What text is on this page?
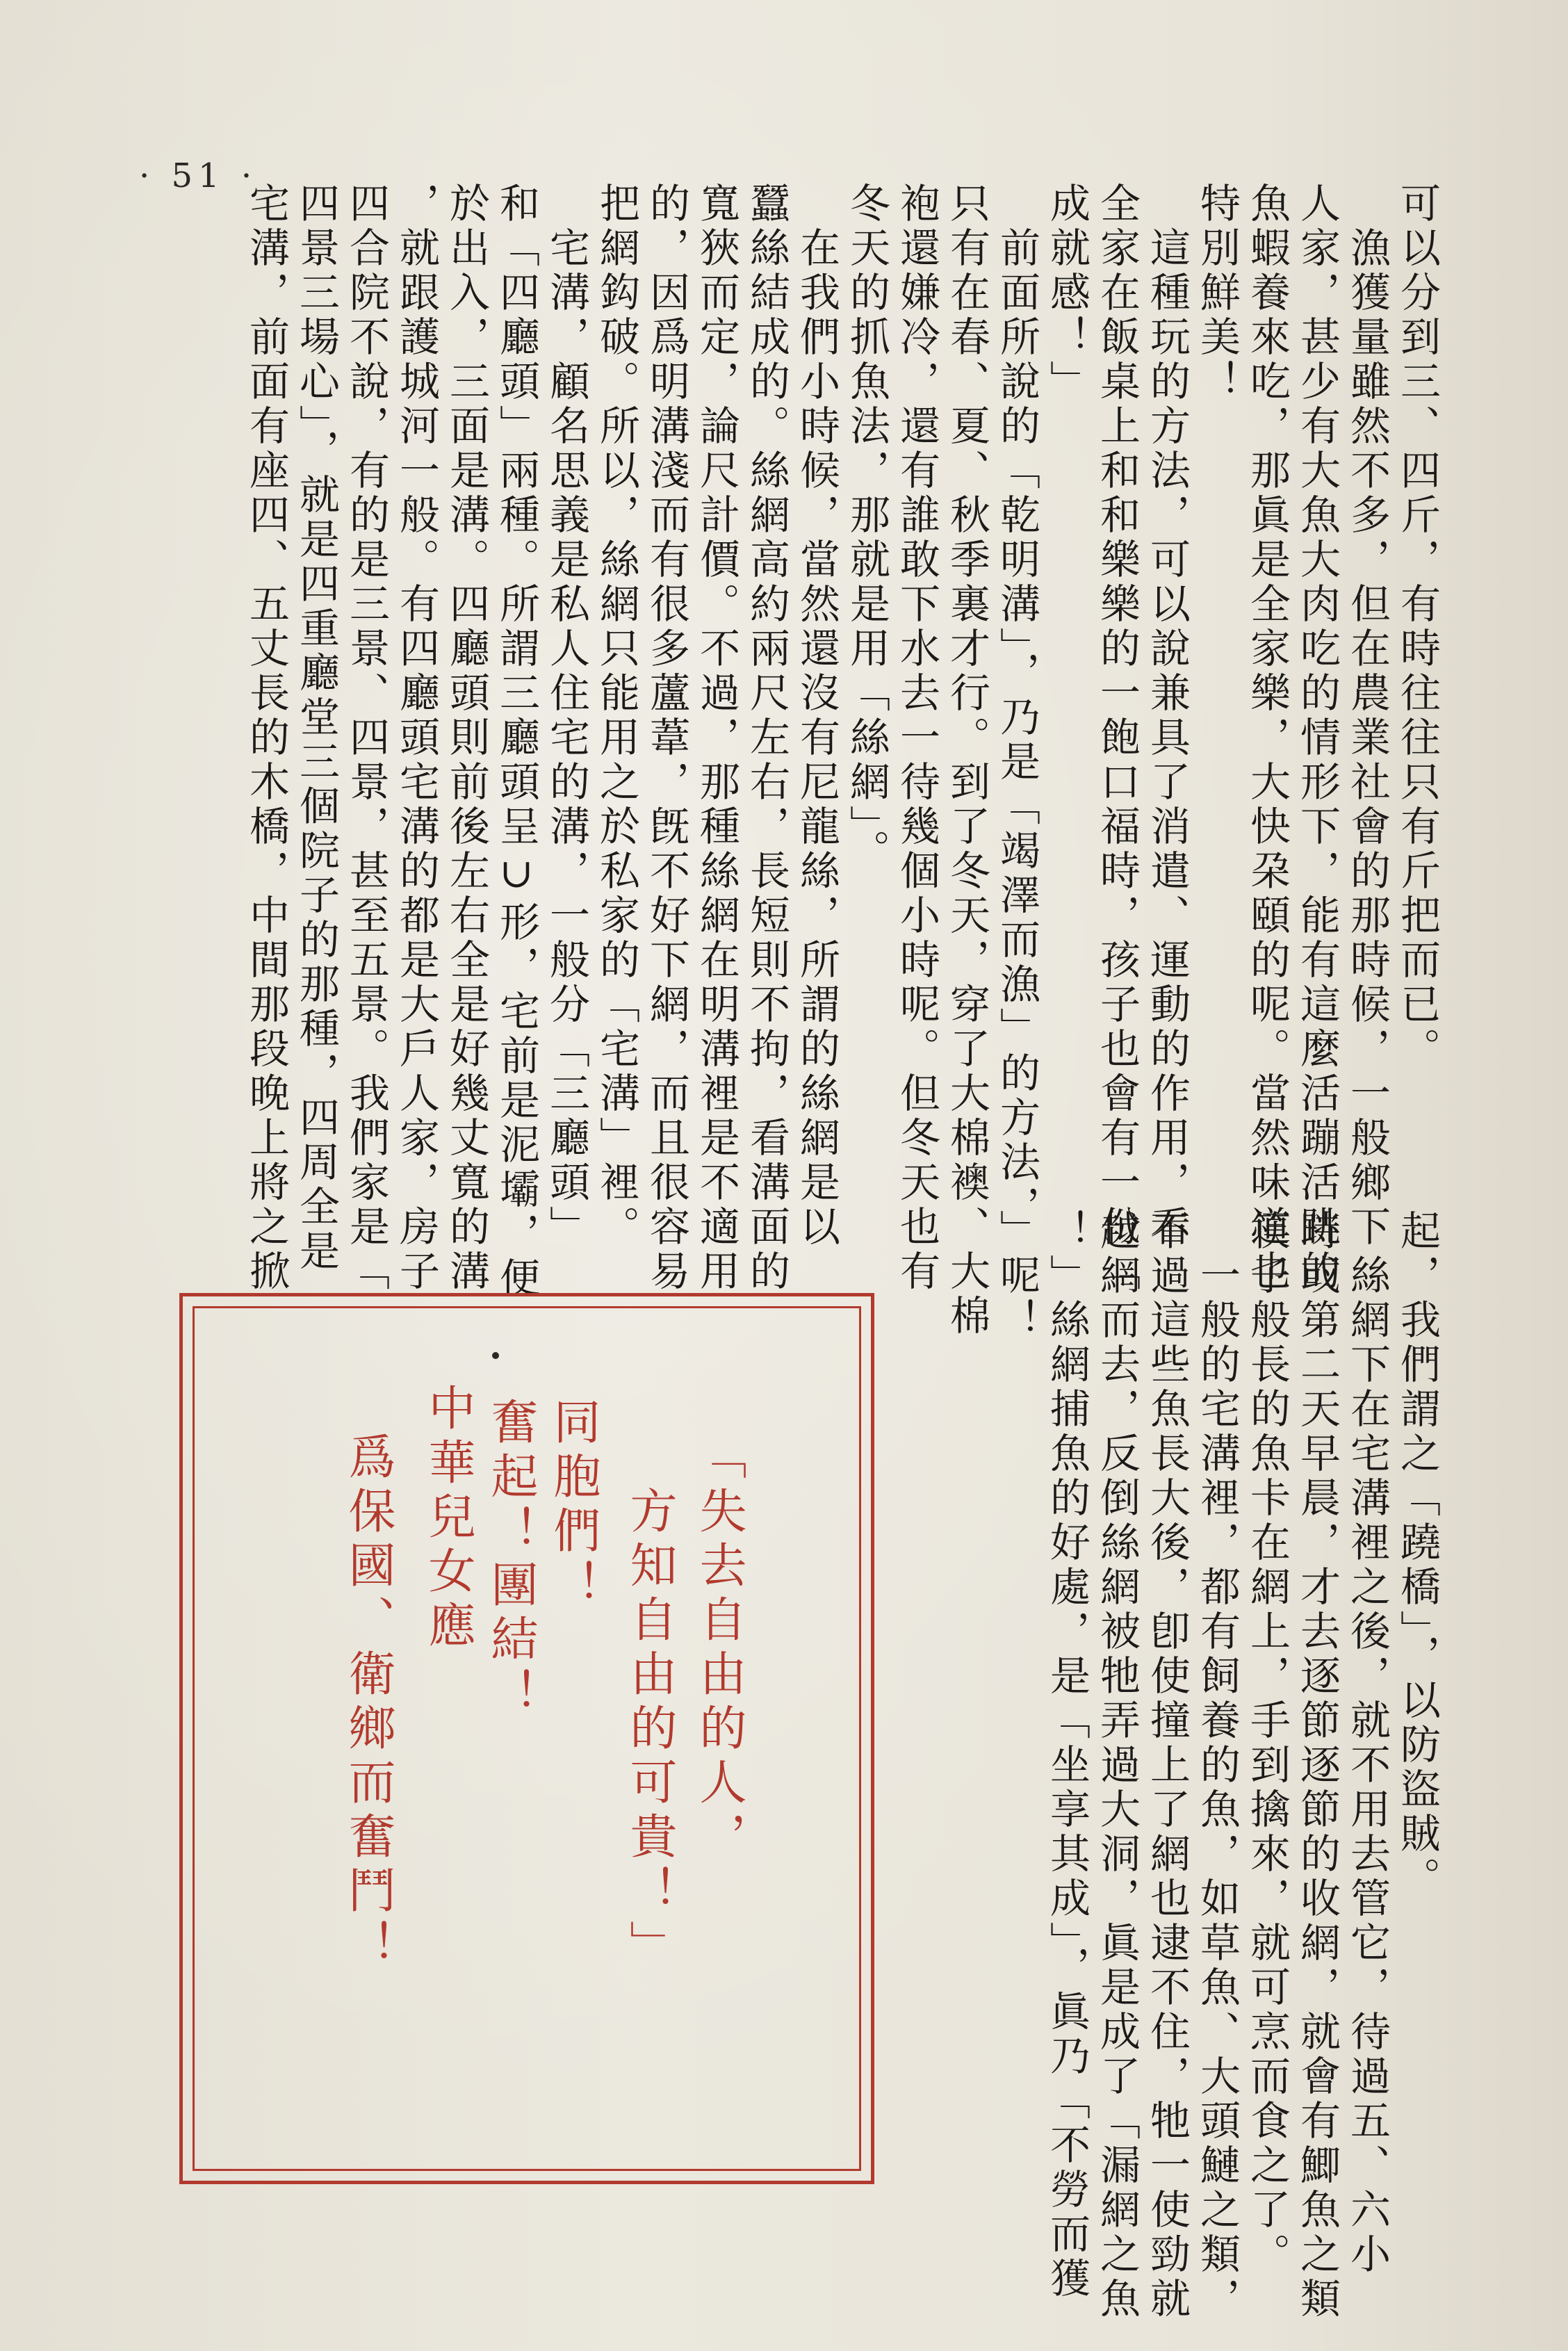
· 51 ·
可以分到三、四斤，有時往往只有斤把而已。
　漁獲量雖然不多，但在農業社會的那時候，一般鄉下
人家，甚少有大魚大肉吃的情形下，能有這麼活蹦活跳的
魚蝦養來吃，那眞是全家樂，大快朶頤的呢。當然味道也
特別鮮美！
　這種玩的方法，可以說兼具了消遣、運動的作用，看
全家在飯桌上和和樂樂的一飽口福時，孩子也會有一份「
成就感！」
　前面所說的「乾明溝」，乃是「竭澤而漁」的方法，
只有在春、夏、秋季裏才行。到了冬天，穿了大棉襖、大棉
袍還嫌冷，還有誰敢下水去一待幾個小時呢。但冬天也有
冬天的抓魚法，那就是用「絲網」。
　在我們小時候，當然還沒有尼龍絲，所謂的絲網是以
蠶絲結成的。絲網高約兩尺左右，長短則不拘，看溝面的
寬狹而定，論尺計價。不過，那種絲網在明溝裡是不適用
的，因爲明溝淺而有很多蘆葦，旣不好下網，而且很容易
把網鈎破。所以，絲網只能用之於私家的「宅溝」裡。
　宅溝，顧名思義是私人住宅的溝，一般分「三廳頭」
和「四廳頭」兩種。所謂三廳頭呈∪形，宅前是泥壩，便
於出入，三面是溝。四廳頭則前後左右全是好幾丈寬的溝
，就跟護城河一般。有四廳頭宅溝的都是大戶人家，房子
四合院不說，有的是三景、四景，甚至五景。我們家是「
四景三場心」，就是四重廳堂三個院子的那種，四周全是
宅溝，前面有座四、五丈長的木橋，中間那段晚上將之掀
起，我們謂之「蹺橋」，以防盜賊。
　絲網下在宅溝裡之後，就不用去管它，待過五、六小
時或第二天早晨，才去逐節逐節的收網，就會有鯽魚之類
筷子般長的魚卡在網上，手到擒來，就可烹而食之了。
　一般的宅溝裡，都有飼養的魚，如草魚、大頭鰱之類，
不過這些魚長大後，卽使撞上了網也逮不住，牠一使勁就
越網而去，反倒絲網被牠弄過大洞，眞是成了「漏網之魚
！」絲網捕魚的好處，是「坐享其成」，眞乃「不勞而獲
」呢！
「失去自由的人，
　方知自由的可貴！」
同胞們！
奮起！團結！
中華兒女應
爲保國、衛鄉而奮鬥！
